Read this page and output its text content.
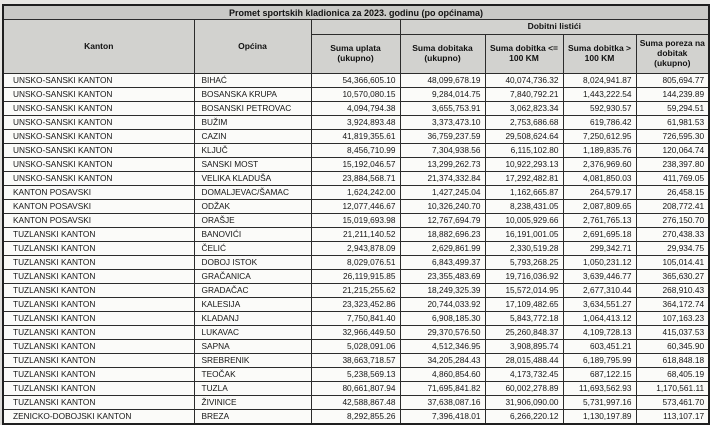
Promet sportskih kladionica za 2023. godinu (po općinama)						
Kanton	Općina		Dobitni listići			
		Suma uplata (ukupno)	Suma dobitaka (ukupno)	Suma dobitka <= 100 KM	Suma dobitka > 100 KM	Suma poreza na dobitak (ukupno)
UNSKO-SANSKI KANTON	BIHAĆ	54,366,605.10	48,099,678.19	40,074,736.32	8,024,941.87	805,694.77
UNSKO-SANSKI KANTON	BOSANSKA KRUPA	10,570,080.15	9,284,014.75	7,840,792.21	1,443,222.54	144,239.89
UNSKO-SANSKI KANTON	BOSANSKI PETROVAC	4,094,794.38	3,655,753.91	3,062,823.34	592,930.57	59,294.51
UNSKO-SANSKI KANTON	BUŽIM	3,924,893.48	3,373,473.10	2,753,686.68	619,786.42	61,981.53
UNSKO-SANSKI KANTON	CAZIN	41,819,355.61	36,759,237.59	29,508,624.64	7,250,612.95	726,595.30
UNSKO-SANSKI KANTON	KLJUČ	8,456,710.99	7,304,938.56	6,115,102.80	1,189,835.76	120,064.74
UNSKO-SANSKI KANTON	SANSKI MOST	15,192,046.57	13,299,262.73	10,922,293.13	2,376,969.60	238,397.80
UNSKO-SANSKI KANTON	VELIKA KLADUŠA	23,884,568.71	21,374,332.84	17,292,482.81	4,081,850.03	411,769.05
KANTON POSAVSKI	DOMALJEVAC/ŠAMAC	1,624,242.00	1,427,245.04	1,162,665.87	264,579.17	26,458.15
KANTON POSAVSKI	ODŽAK	12,077,446.67	10,326,240.70	8,238,431.05	2,087,809.65	208,772.41
KANTON POSAVSKI	ORAŠJE	15,019,693.98	12,767,694.79	10,005,929.66	2,761,765.13	276,150.70
TUZLANSKI KANTON	BANOVIĆI	21,211,140.52	18,882,696.23	16,191,001.05	2,691,695.18	270,438.33
TUZLANSKI KANTON	ČELIĆ	2,943,878.09	2,629,861.99	2,330,519.28	299,342.71	29,934.75
TUZLANSKI KANTON	DOBOJ ISTOK	8,029,076.51	6,843,499.37	5,793,268.25	1,050,231.12	105,014.41
TUZLANSKI KANTON	GRAČANICA	26,119,915.85	23,355,483.69	19,716,036.92	3,639,446.77	365,630.27
TUZLANSKI KANTON	GRADAČAC	21,215,255.62	18,249,325.39	15,572,014.95	2,677,310.44	268,910.43
TUZLANSKI KANTON	KALESIJA	23,323,452.86	20,744,033.92	17,109,482.65	3,634,551.27	364,172.74
TUZLANSKI KANTON	KLADANJ	7,750,841.40	6,908,185.30	5,843,772.18	1,064,413.12	107,163.23
TUZLANSKI KANTON	LUKAVAC	32,966,449.50	29,370,576.50	25,260,848.37	4,109,728.13	415,037.53
TUZLANSKI KANTON	SAPNA	5,028,091.06	4,512,346.95	3,908,895.74	603,451.21	60,345.90
TUZLANSKI KANTON	SREBRENIK	38,663,718.57	34,205,284.43	28,015,488.44	6,189,795.99	618,848.18
TUZLANSKI KANTON	TEOČAK	5,238,569.13	4,860,854.60	4,173,732.45	687,122.15	68,405.19
TUZLANSKI KANTON	TUZLA	80,661,807.94	71,695,841.82	60,002,278.89	11,693,562.93	1,170,561.11
TUZLANSKI KANTON	ŽIVINICE	42,588,867.48	37,638,087.16	31,906,090.00	5,731,997.16	573,461.70
ZENICKO-DOBOJSKI KANTON	BREZA	8,292,855.26	7,396,418.01	6,266,220.12	1,130,197.89	113,107.17
